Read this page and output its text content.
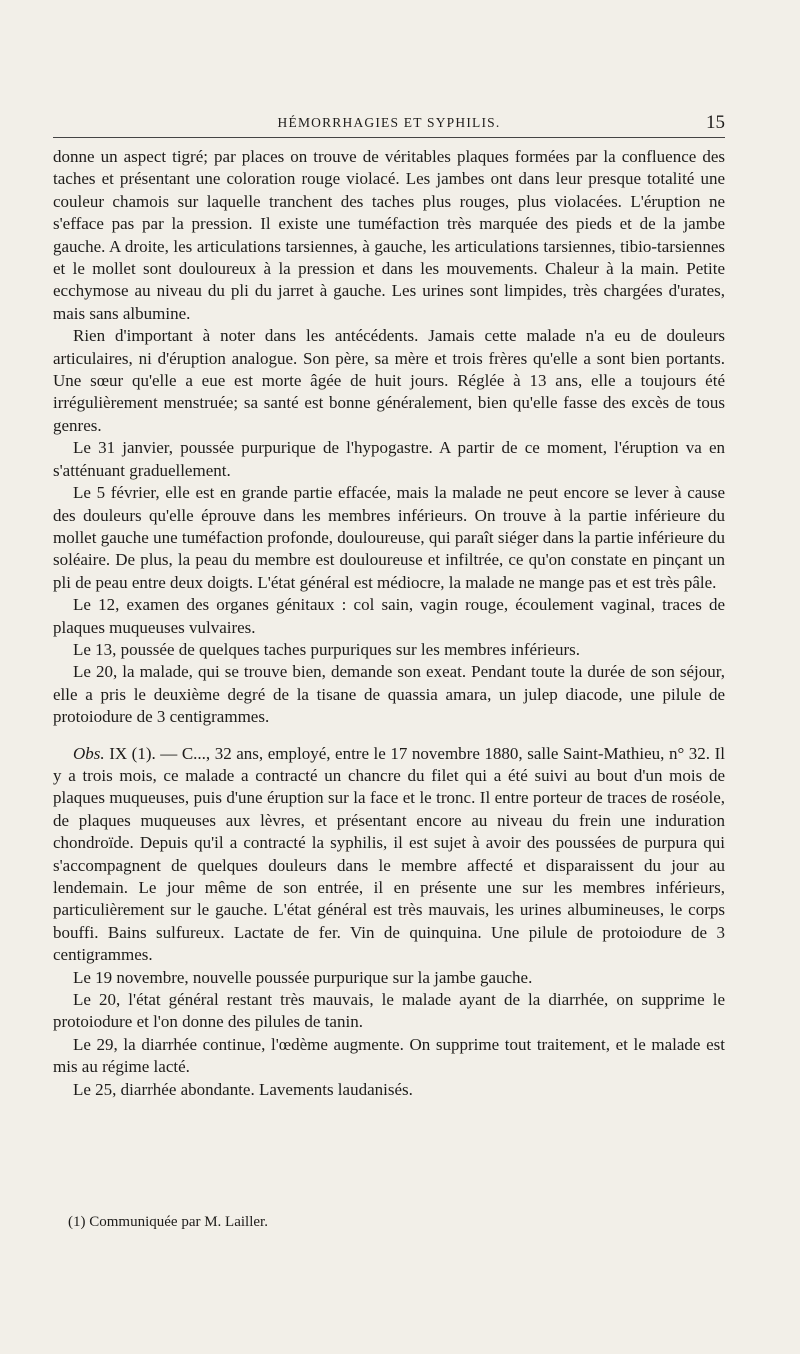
HÉMORRHAGIES ET SYPHILIS.	15

donne un aspect tigré; par places on trouve de véritables plaques formées par la confluence des taches et présentant une coloration rouge violacé. Les jambes ont dans leur presque totalité une couleur chamois sur laquelle tranchent des taches plus rouges, plus violacées. L'éruption ne s'efface pas par la pression. Il existe une tuméfaction très marquée des pieds et de la jambe gauche. A droite, les articulations tarsiennes, à gauche, les articulations tarsiennes, tibio-tarsiennes et le mollet sont douloureux à la pression et dans les mouvements. Chaleur à la main. Petite ecchymose au niveau du pli du jarret à gauche. Les urines sont limpides, très chargées d'urates, mais sans albumine.

Rien d'important à noter dans les antécédents. Jamais cette malade n'a eu de douleurs articulaires, ni d'éruption analogue. Son père, sa mère et trois frères qu'elle a sont bien portants. Une sœur qu'elle a eue est morte âgée de huit jours. Réglée à 13 ans, elle a toujours été irrégulièrement menstruée; sa santé est bonne généralement, bien qu'elle fasse des excès de tous genres.

Le 31 janvier, poussée purpurique de l'hypogastre. A partir de ce moment, l'éruption va en s'atténuant graduellement.

Le 5 février, elle est en grande partie effacée, mais la malade ne peut encore se lever à cause des douleurs qu'elle éprouve dans les membres inférieurs. On trouve à la partie inférieure du mollet gauche une tuméfaction profonde, douloureuse, qui paraît siéger dans la partie inférieure du soléaire. De plus, la peau du membre est douloureuse et infiltrée, ce qu'on constate en pinçant un pli de peau entre deux doigts. L'état général est médiocre, la malade ne mange pas et est très pâle.

Le 12, examen des organes génitaux : col sain, vagin rouge, écoulement vaginal, traces de plaques muqueuses vulvaires.

Le 13, poussée de quelques taches purpuriques sur les membres inférieurs.

Le 20, la malade, qui se trouve bien, demande son exeat. Pendant toute la durée de son séjour, elle a pris le deuxième degré de la tisane de quassia amara, un julep diacode, une pilule de protoiodure de 3 centigrammes.

Obs. IX (1). — C..., 32 ans, employé, entre le 17 novembre 1880, salle Saint-Mathieu, n° 32. Il y a trois mois, ce malade a contracté un chancre du filet qui a été suivi au bout d'un mois de plaques muqueuses, puis d'une éruption sur la face et le tronc. Il entre porteur de traces de roséole, de plaques muqueuses aux lèvres, et présentant encore au niveau du frein une induration chondroïde. Depuis qu'il a contracté la syphilis, il est sujet à avoir des poussées de purpura qui s'accompagnent de quelques douleurs dans le membre affecté et disparaissent du jour au lendemain. Le jour même de son entrée, il en présente une sur les membres inférieurs, particulièrement sur le gauche. L'état général est très mauvais, les urines albumineuses, le corps bouffi. Bains sulfureux. Lactate de fer. Vin de quinquina. Une pilule de protoiodure de 3 centigrammes.

Le 19 novembre, nouvelle poussée purpurique sur la jambe gauche.

Le 20, l'état général restant très mauvais, le malade ayant de la diarrhée, on supprime le protoiodure et l'on donne des pilules de tanin.

Le 29, la diarrhée continue, l'œdème augmente. On supprime tout traitement, et le malade est mis au régime lacté.

Le 25, diarrhée abondante. Lavements laudanisés.

(1) Communiquée par M. Lailler.
